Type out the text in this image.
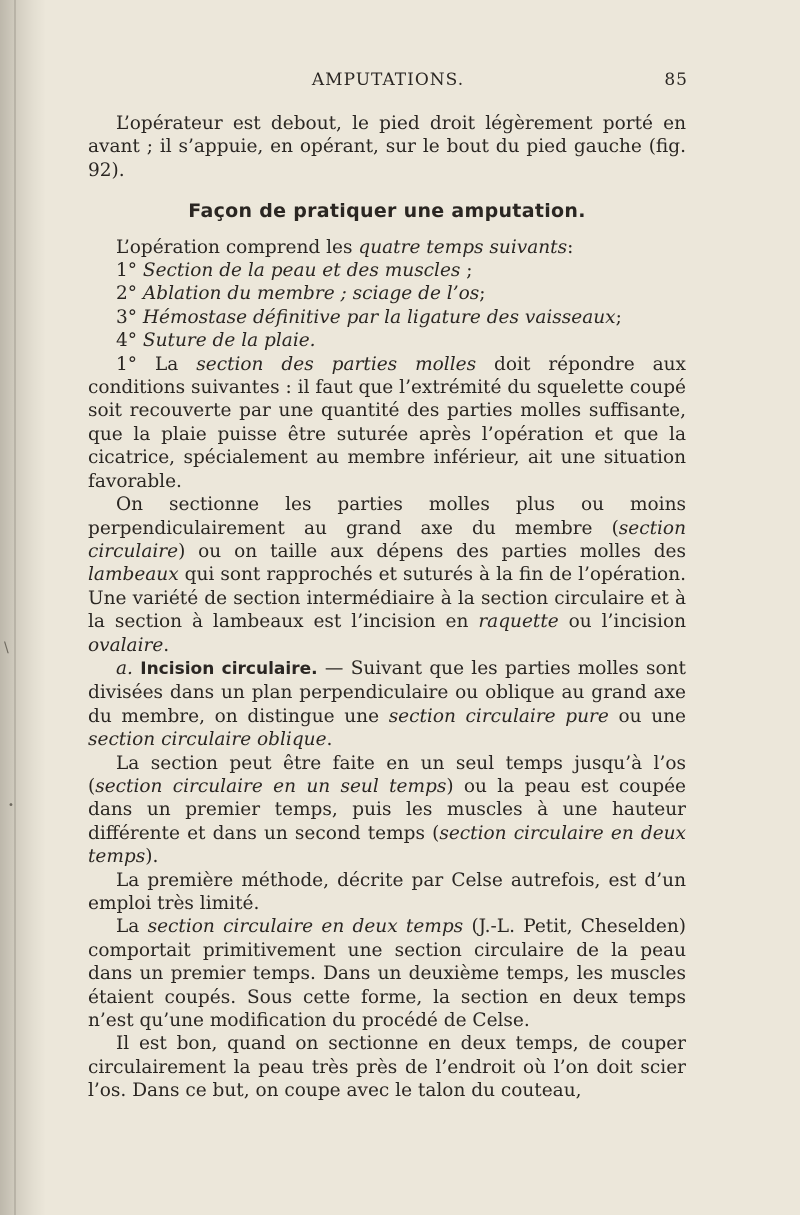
AMPUTATIONS.	85

L’opérateur est debout, le pied droit légèrement porté en avant ; il s’appuie, en opérant, sur le bout du pied gauche (fig. 92).

Façon de pratiquer une amputation.

L’opération comprend les quatre temps suivants:

1° Section de la peau et des muscles ;

2° Ablation du membre ; sciage de l’os;

3° Hémostase définitive par la ligature des vaisseaux;

4° Suture de la plaie.

1° La section des parties molles doit répondre aux conditions suivantes : il faut que l’extrémité du squelette coupé soit recouverte par une quantité des parties molles suffisante, que la plaie puisse être suturée après l’opération et que la cicatrice, spécialement au membre inférieur, ait une situation favorable.

On sectionne les parties molles plus ou moins perpendiculairement au grand axe du membre (section circulaire) ou on taille aux dépens des parties molles des lambeaux qui sont rapprochés et suturés à la fin de l’opération. Une variété de section intermédiaire à la section circulaire et à la section à lambeaux est l’incision en raquette ou l’incision ovalaire.

a. Incision circulaire. — Suivant que les parties molles sont divisées dans un plan perpendiculaire ou oblique au grand axe du membre, on distingue une section circulaire pure ou une section circulaire oblique.

La section peut être faite en un seul temps jusqu’à l’os (section circulaire en un seul temps) ou la peau est coupée dans un premier temps, puis les muscles à une hauteur différente et dans un second temps (section circulaire en deux temps).

La première méthode, décrite par Celse autrefois, est d’un emploi très limité.

La section circulaire en deux temps (J.-L. Petit, Cheselden) comportait primitivement une section circulaire de la peau dans un premier temps. Dans un deuxième temps, les muscles étaient coupés. Sous cette forme, la section en deux temps n’est qu’une modification du procédé de Celse.

Il est bon, quand on sectionne en deux temps, de couper circulairement la peau très près de l’endroit où l’on doit scier l’os. Dans ce but, on coupe avec le talon du couteau,

\
•
